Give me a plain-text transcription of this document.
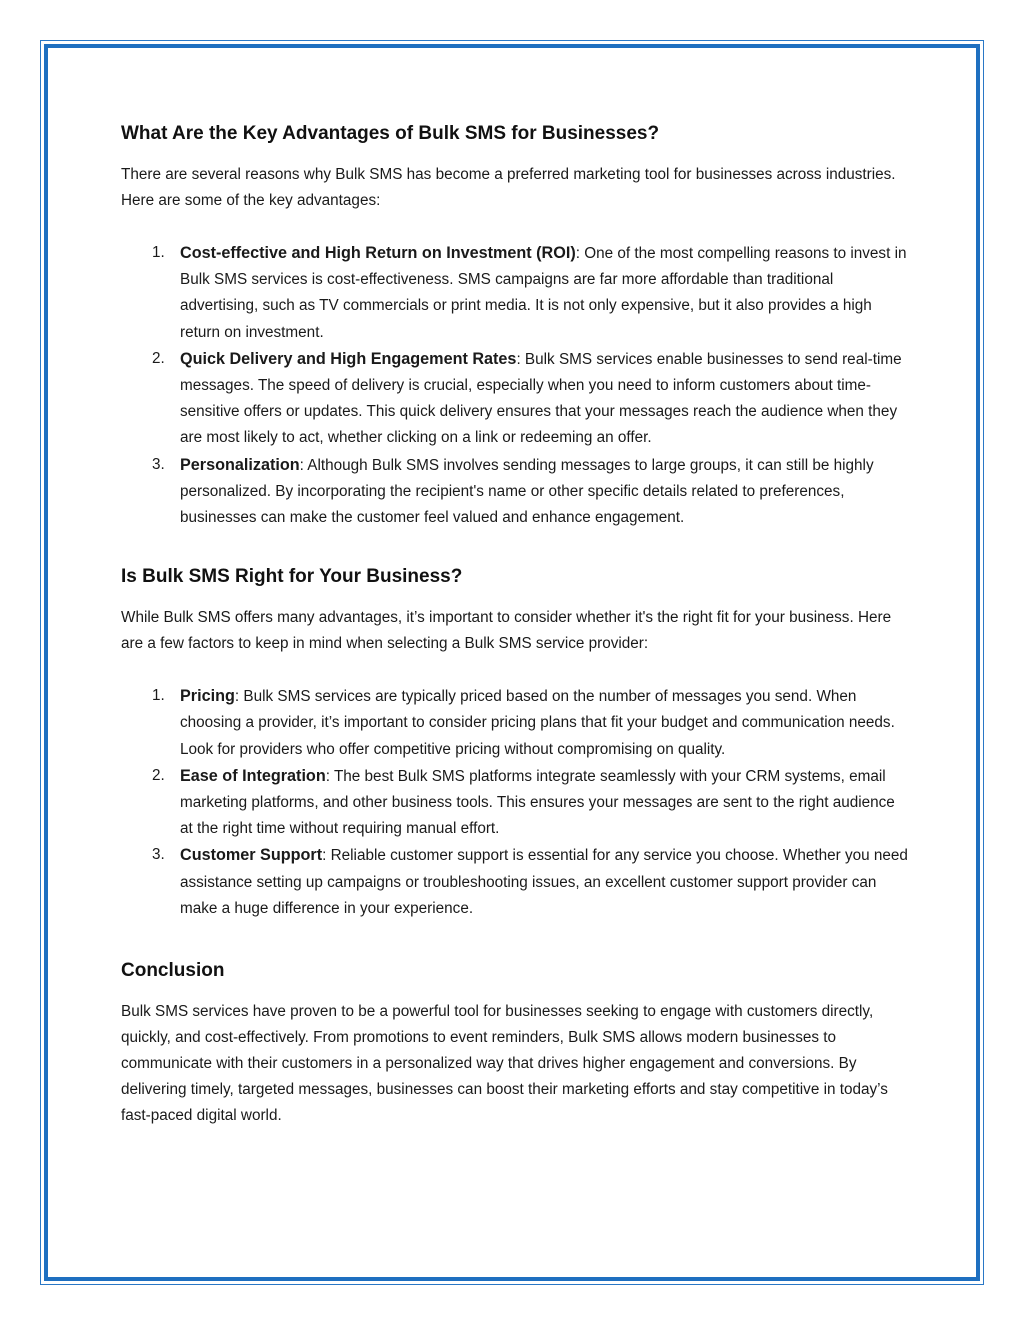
What Are the Key Advantages of Bulk SMS for Businesses?

There are several reasons why Bulk SMS has become a preferred marketing tool for businesses across industries. Here are some of the key advantages:

1. Cost-effective and High Return on Investment (ROI): One of the most compelling reasons to invest in Bulk SMS services is cost-effectiveness. SMS campaigns are far more affordable than traditional advertising, such as TV commercials or print media. It is not only expensive, but it also provides a high return on investment.
2. Quick Delivery and High Engagement Rates: Bulk SMS services enable businesses to send real-time messages. The speed of delivery is crucial, especially when you need to inform customers about time-sensitive offers or updates. This quick delivery ensures that your messages reach the audience when they are most likely to act, whether clicking on a link or redeeming an offer.
3. Personalization: Although Bulk SMS involves sending messages to large groups, it can still be highly personalized. By incorporating the recipient's name or other specific details related to preferences, businesses can make the customer feel valued and enhance engagement.
Is Bulk SMS Right for Your Business?

While Bulk SMS offers many advantages, it’s important to consider whether it's the right fit for your business. Here are a few factors to keep in mind when selecting a Bulk SMS service provider:

1. Pricing: Bulk SMS services are typically priced based on the number of messages you send. When choosing a provider, it’s important to consider pricing plans that fit your budget and communication needs. Look for providers who offer competitive pricing without compromising on quality.
2. Ease of Integration: The best Bulk SMS platforms integrate seamlessly with your CRM systems, email marketing platforms, and other business tools. This ensures your messages are sent to the right audience at the right time without requiring manual effort.
3. Customer Support: Reliable customer support is essential for any service you choose. Whether you need assistance setting up campaigns or troubleshooting issues, an excellent customer support provider can make a huge difference in your experience.
Conclusion

Bulk SMS services have proven to be a powerful tool for businesses seeking to engage with customers directly, quickly, and cost-effectively. From promotions to event reminders, Bulk SMS allows modern businesses to communicate with their customers in a personalized way that drives higher engagement and conversions. By delivering timely, targeted messages, businesses can boost their marketing efforts and stay competitive in today’s fast-paced digital world.
